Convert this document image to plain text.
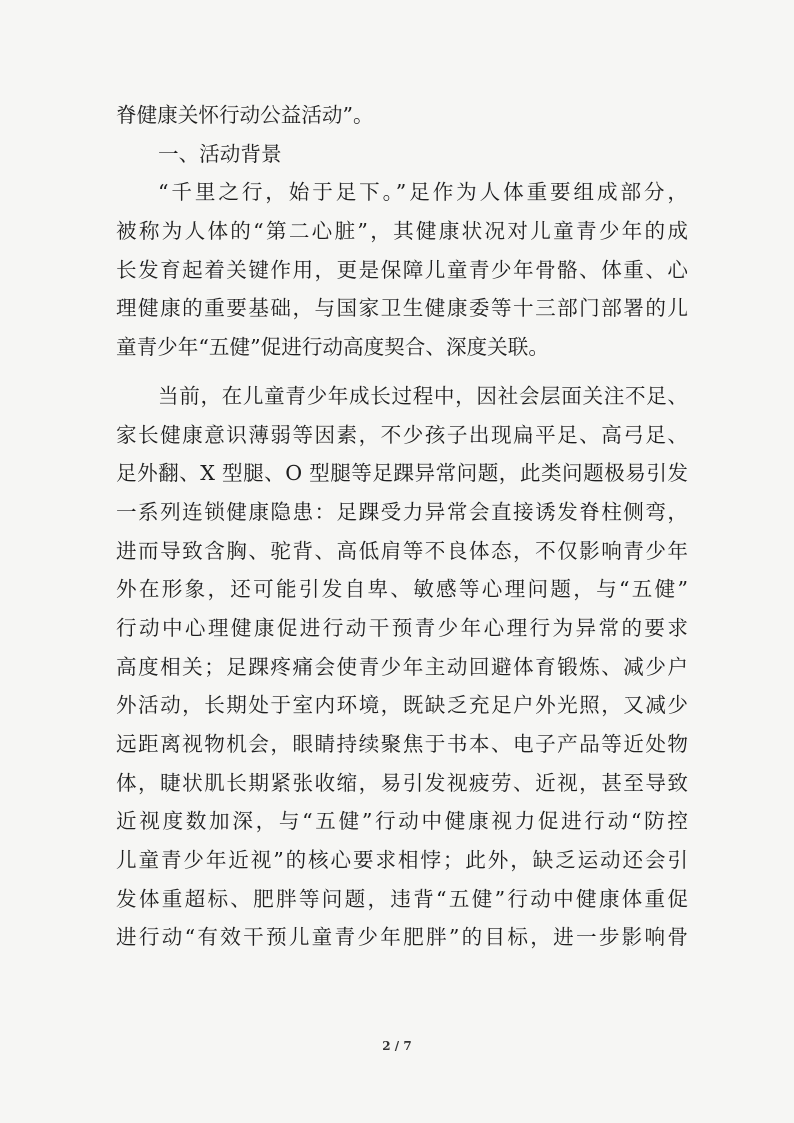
脊健康关怀行动公益活动”。
一、活动背景
“千里之行，始于足下。”足作为人体重要组成部分，
被称为人体的“第二心脏”，其健康状况对儿童青少年的成
长发育起着关键作用，更是保障儿童青少年骨骼、体重、心
理健康的重要基础，与国家卫生健康委等十三部门部署的儿
童青少年“五健”促进行动高度契合、深度关联。
当前，在儿童青少年成长过程中，因社会层面关注不足、
家长健康意识薄弱等因素，不少孩子出现扁平足、高弓足、
足外翻、X 型腿、O 型腿等足踝异常问题，此类问题极易引发
一系列连锁健康隐患：足踝受力异常会直接诱发脊柱侧弯，
进而导致含胸、驼背、高低肩等不良体态，不仅影响青少年
外在形象，还可能引发自卑、敏感等心理问题，与“五健”
行动中心理健康促进行动干预青少年心理行为异常的要求
高度相关；足踝疼痛会使青少年主动回避体育锻炼、减少户
外活动，长期处于室内环境，既缺乏充足户外光照，又减少
远距离视物机会，眼睛持续聚焦于书本、电子产品等近处物
体，睫状肌长期紧张收缩，易引发视疲劳、近视，甚至导致
近视度数加深，与“五健”行动中健康视力促进行动“防控
儿童青少年近视”的核心要求相悖；此外，缺乏运动还会引
发体重超标、肥胖等问题，违背“五健”行动中健康体重促
进行动“有效干预儿童青少年肥胖”的目标，进一步影响骨
2 / 7
